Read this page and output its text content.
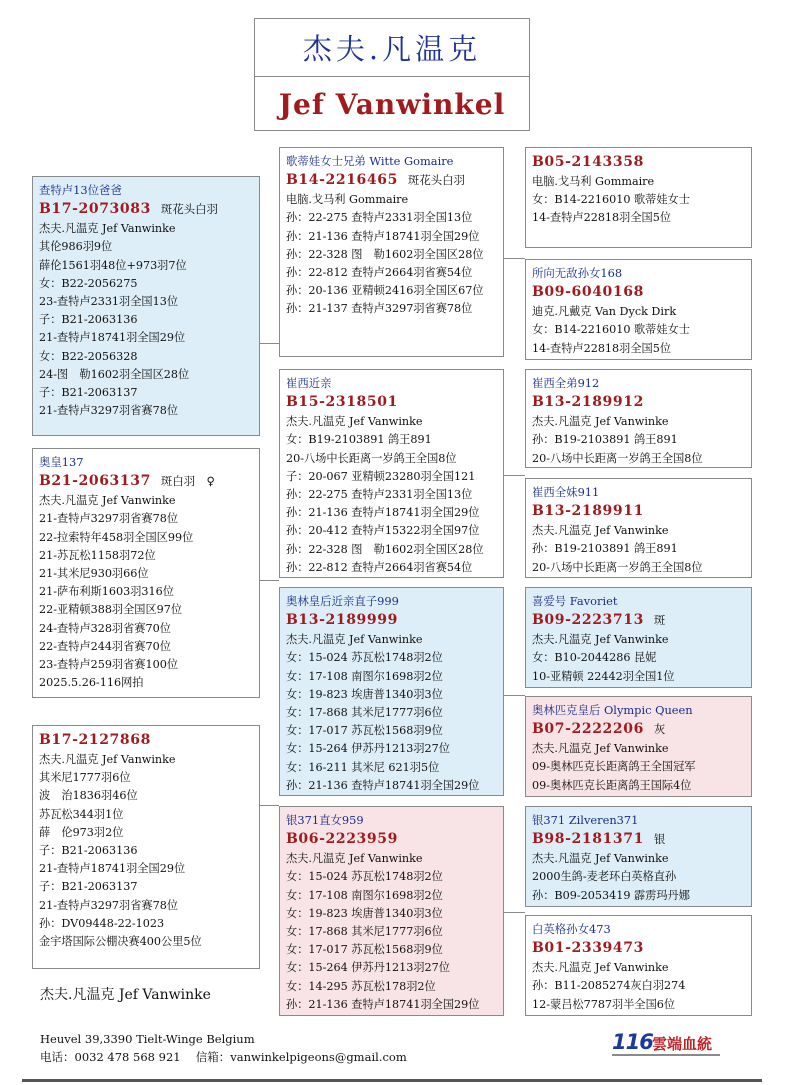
杰夫.凡温克
Jef Vanwinkel
查特卢13位爸爸
B17-2073083 斑花头白羽
杰夫.凡温克 Jef Vanwinke
其伦986羽9位
薛伦1561羽48位+973羽7位
女：B22-2056275
23-查特卢2331羽全国13位
子：B21-2063136
21-查特卢18741羽全国29位
女：B22-2056328
24-图　勒1602羽全国区28位
子：B21-2063137
21-查特卢3297羽省赛78位
奥皇137
B21-2063137 斑白羽　♀
杰夫.凡温克 Jef Vanwinke
21-查特卢3297羽省赛78位
22-拉索特年458羽全国区99位
21-苏瓦松1158羽72位
21-其米尼930羽66位
21-萨布利斯1603羽316位
22-亚精顿388羽全国区97位
24-查特卢328羽省赛70位
22-查特卢244羽省赛70位
23-查特卢259羽省赛100位
2025.5.26-116网拍
B17-2127868
杰夫.凡温克 Jef Vanwinke
其米尼1777羽6位
波　治1836羽46位
苏瓦松344羽1位
薛　伦973羽2位
子：B21-2063136
21-查特卢18741羽全国29位
子：B21-2063137
21-查特卢3297羽省赛78位
孙：DV09448-22-1023
金宇塔国际公棚决赛400公里5位
歌蒂娃女士兄弟 Witte Gomaire
B14-2216465 斑花头白羽
电脑.戈马利 Gommaire
孙：22-275 查特卢2331羽全国13位
孙：21-136 查特卢18741羽全国29位
孙：22-328 图　勒1602羽全国区28位
孙：22-812 查特卢2664羽省赛54位
孙：20-136 亚精顿2416羽全国区67位
孙：21-137 查特卢3297羽省赛78位
崔西近亲
B15-2318501
杰夫.凡温克 Jef Vanwinke
女：B19-2103891 鸽王891
20-八场中长距离一岁鸽王全国8位
子：20-067 亚精顿23280羽全国121
孙：22-275 查特卢2331羽全国13位
孙：21-136 查特卢18741羽全国29位
孙：20-412 查特卢15322羽全国97位
孙：22-328 图　勒1602羽全国区28位
孙：22-812 查特卢2664羽省赛54位
奥林皇后近亲直子999
B13-2189999
杰夫.凡温克 Jef Vanwinke
女：15-024 苏瓦松1748羽2位
女：17-108 南图尔1698羽2位
女：19-823 埃唐普1340羽3位
女：17-868 其米尼1777羽6位
女：17-017 苏瓦松1568羽9位
女：15-264 伊苏丹1213羽27位
女：16-211 其米尼 621羽5位
孙：21-136 查特卢18741羽全国29位
银371直女959
B06-2223959
杰夫.凡温克 Jef Vanwinke
女：15-024 苏瓦松1748羽2位
女：17-108 南图尔1698羽2位
女：19-823 埃唐普1340羽3位
女：17-868 其米尼1777羽6位
女：17-017 苏瓦松1568羽9位
女：15-264 伊苏丹1213羽27位
女：14-295 苏瓦松178羽2位
孙：21-136 查特卢18741羽全国29位
B05-2143358
电脑.戈马利 Gommaire
女：B14-2216010 歌蒂娃女士
14-查特卢22818羽全国5位
所向无敌孙女168
B09-6040168
迪克.凡戴克 Van Dyck Dirk
女：B14-2216010 歌蒂娃女士
14-查特卢22818羽全国5位
崔西全弟912
B13-2189912
杰夫.凡温克 Jef Vanwinke
孙：B19-2103891 鸽王891
20-八场中长距离一岁鸽王全国8位
崔西全妹911
B13-2189911
杰夫.凡温克 Jef Vanwinke
孙：B19-2103891 鸽王891
20-八场中长距离一岁鸽王全国8位
喜爱号 Favoriet
B09-2223713 斑
杰夫.凡温克 Jef Vanwinke
女：B10-2044286 昆妮
10-亚精顿 22442羽全国1位
奥林匹克皇后 Olympic Queen
B07-2222206 灰
杰夫.凡温克 Jef Vanwinke
09-奥林匹克长距离鸽王全国冠军
09-奥林匹克长距离鸽王国际4位
银371 Zilveren371
B98-2181371 银
杰夫.凡温克 Jef Vanwinke
2000生鸽-麦老环白英格直孙
孙：B09-2053419 霹雳玛丹娜
白英格孙女473
B01-2339473
杰夫.凡温克 Jef Vanwinke
孙：B11-2085274灰白羽274
12-蒙吕松7787羽半全国6位
杰夫.凡温克 Jef Vanwinke
Heuvel 39,3390 Tielt-Winge Belgium
电话：0032 478 568 921　 信箱：vanwinkelpigeons@gmail.com
116 雲端血統
